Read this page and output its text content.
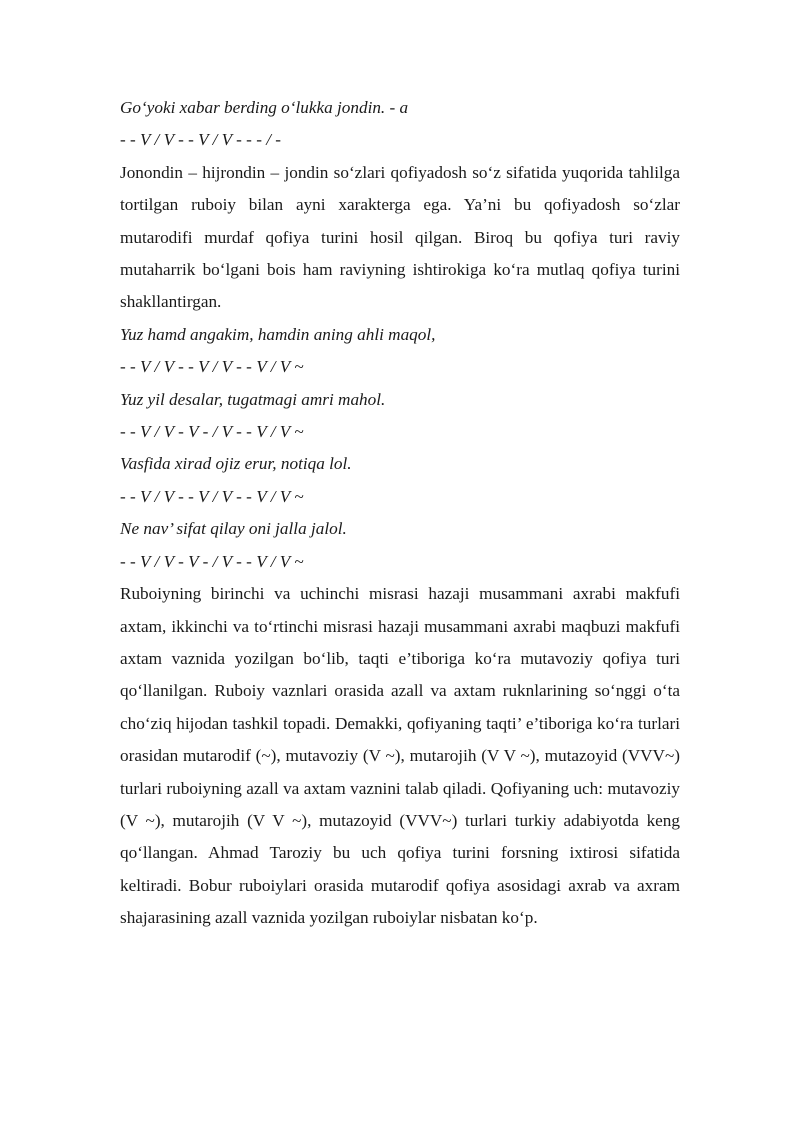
Go‘yoki xabar berding o‘lukka jondin. - a
- - V / V - - V / V - - - / -

Jonondin – hijrondin – jondin so‘zlari qofiyadosh so‘z sifatida yuqorida tahlilga tortilgan ruboiy bilan ayni xarakterga ega. Ya’ni bu qofiyadosh so‘zlar mutarodifi murdaf qofiya turini hosil qilgan. Biroq bu qofiya turi raviy mutaharrik bo‘lgani bois ham raviyning ishtirokiga ko‘ra mutlaq qofiya turini shakllantirgan.

Yuz hamd angakim, hamdin aning ahli maqol,
- - V / V - - V / V - - V / V ~
Yuz yil desalar, tugatmagi amri mahol.
- - V / V - V - / V - - V / V ~
Vasfida xirad ojiz erur, notiqa lol.
- - V / V - - V / V - - V / V ~
Ne nav’ sifat qilay oni jalla jalol.
- - V / V - V - / V - - V / V ~

Ruboiyning birinchi va uchinchi misrasi hazaji musammani axrabi makfufi axtam, ikkinchi va to‘rtinchi misrasi hazaji musammani axrabi maqbuzi makfufi axtam vaznida yozilgan bo‘lib, taqti e’tiboriga ko‘ra mutavoziy qofiya turi qo‘llanilgan. Ruboiy vaznlari orasida azall va axtam ruknlarining so‘nggi o‘ta cho‘ziq hijodan tashkil topadi. Demakki, qofiyaning taqti’ e’tiboriga ko‘ra turlari orasidan mutarodif (~), mutavoziy (V ~), mutarojih (V V ~), mutazoyid (VVV~) turlari ruboiyning azall va axtam vaznini talab qiladi. Qofiyaning uch: mutavoziy (V ~), mutarojih (V V ~), mutazoyid (VVV~) turlari turkiy adabiyotda keng qo‘llangan. Ahmad Taroziy bu uch qofiya turini forsning ixtirosi sifatida keltiradi. Bobur ruboiylari orasida mutarodif qofiya asosidagi axrab va axram shajarasining azall vaznida yozilgan ruboiylar nisbatan ko‘p.
